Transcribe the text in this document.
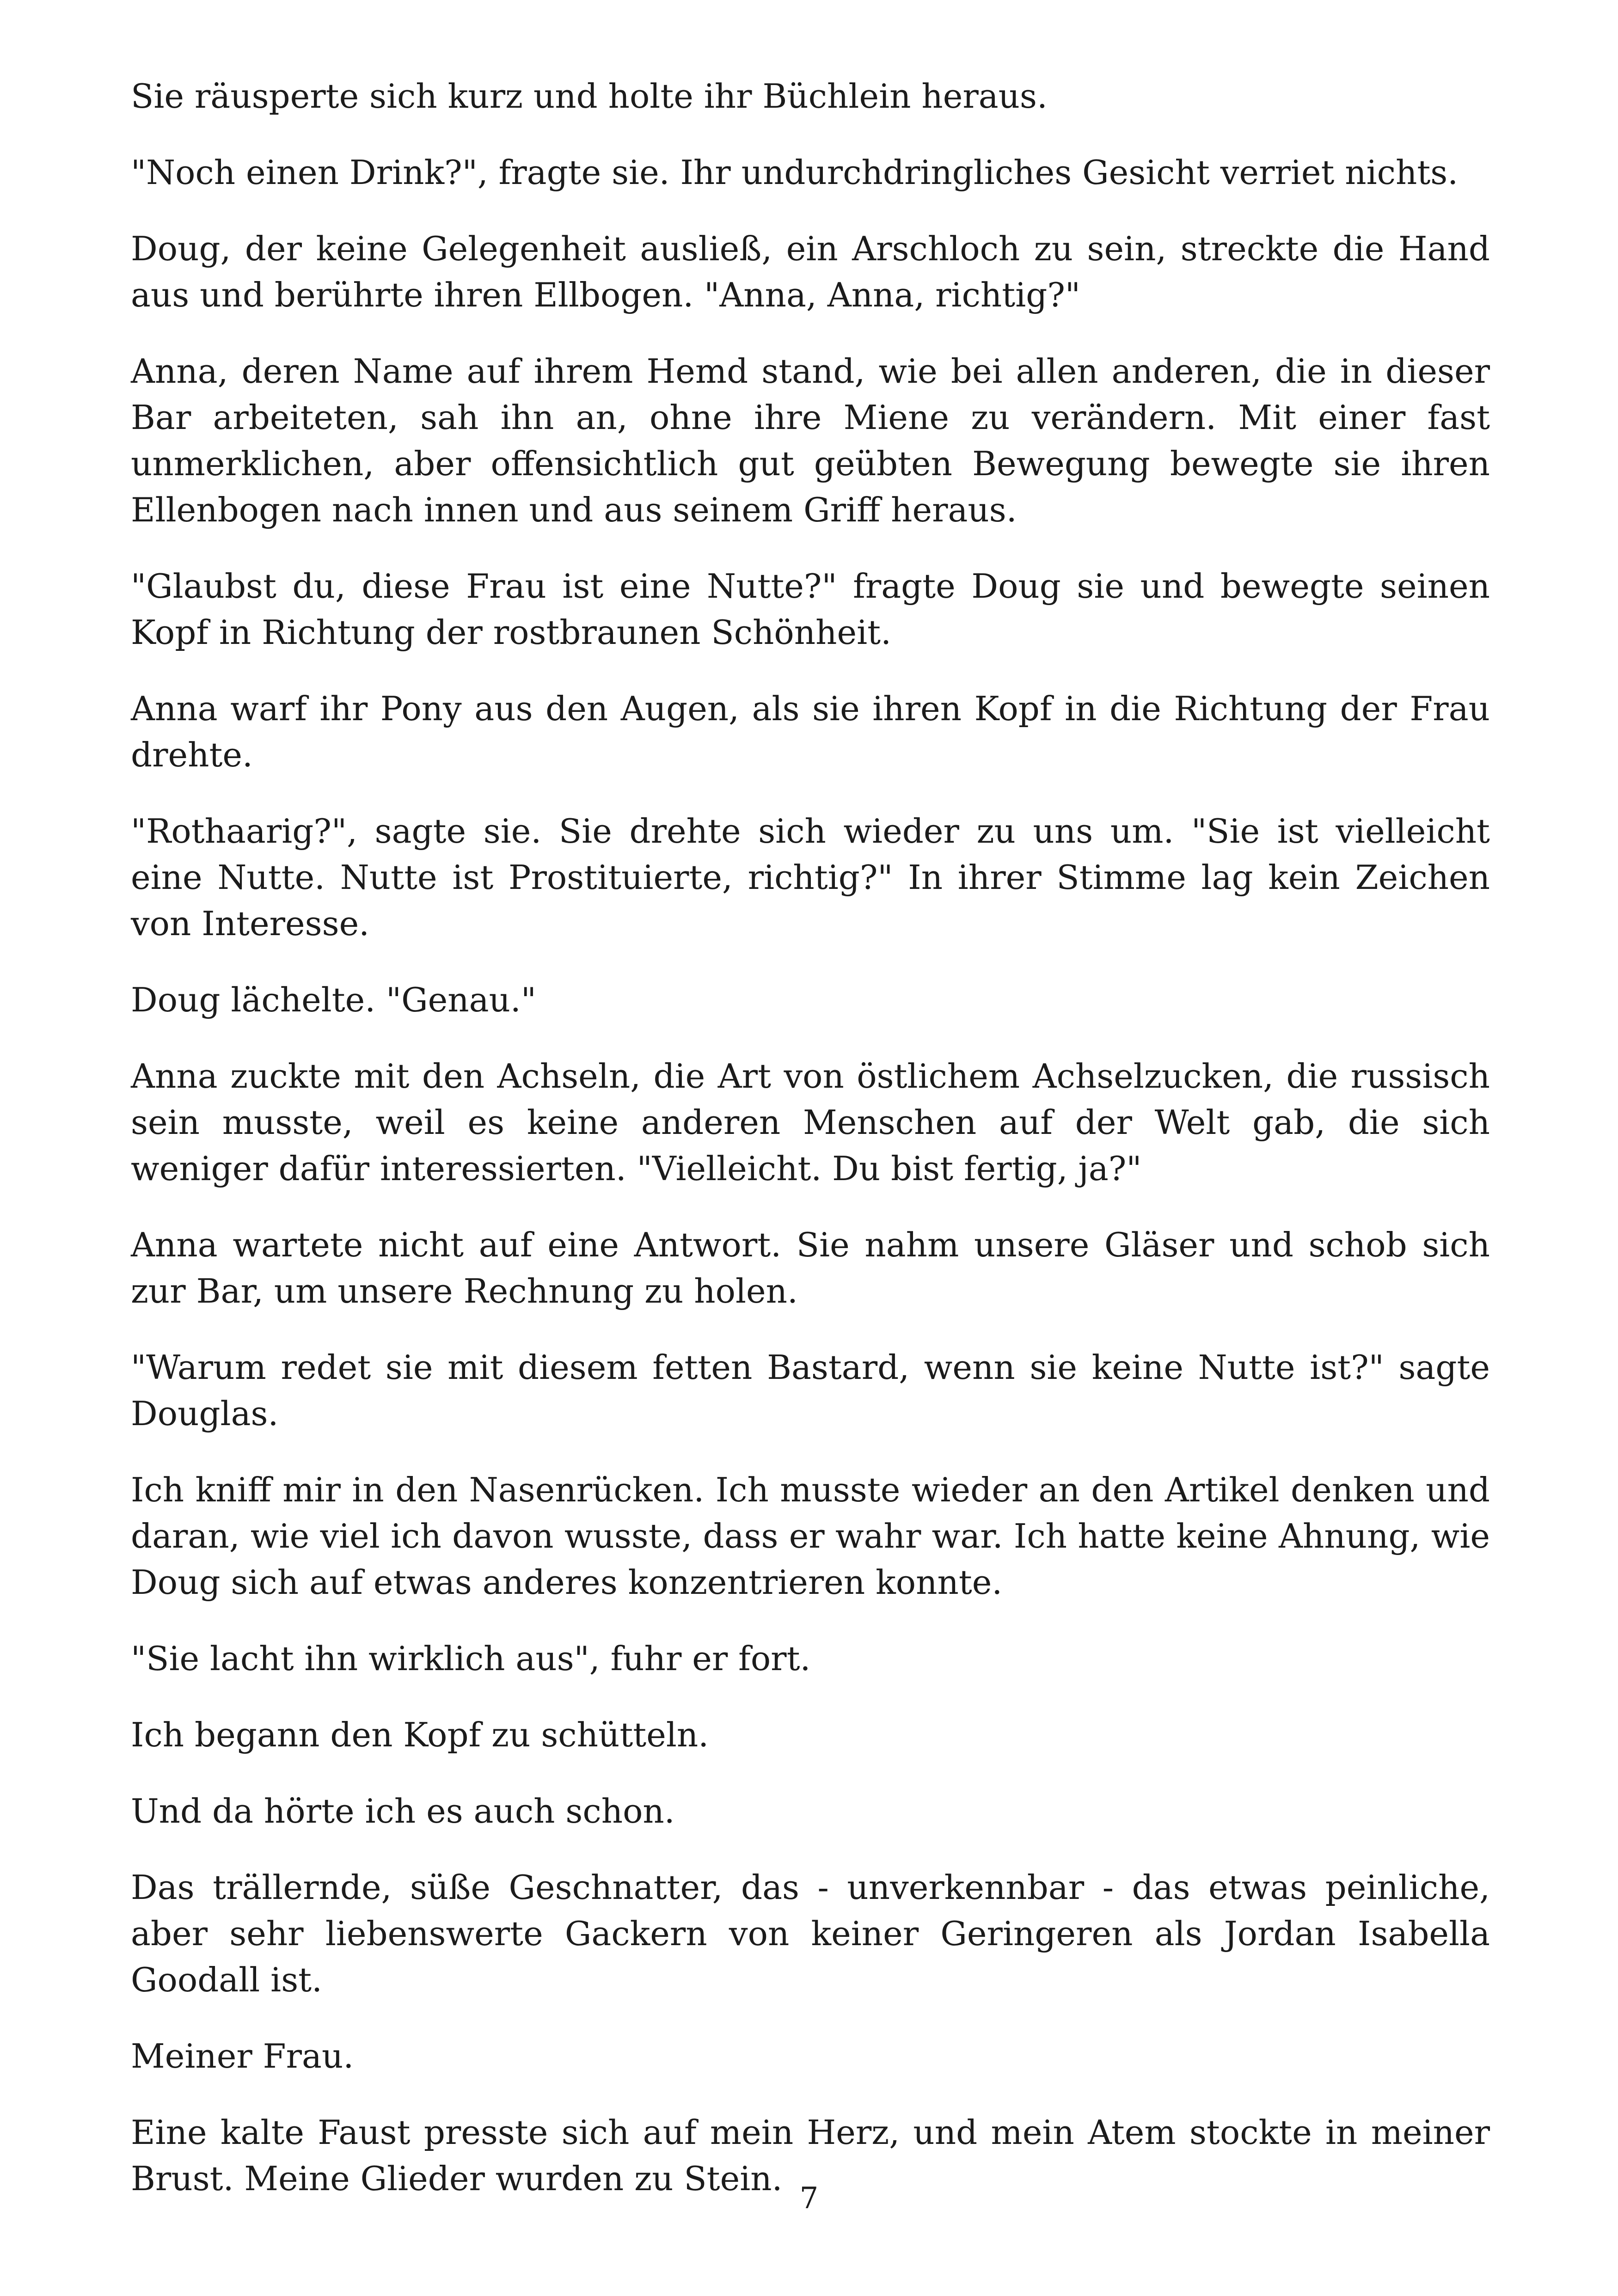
Sie räusperte sich kurz und holte ihr Büchlein heraus.

"Noch einen Drink?", fragte sie. Ihr undurchdringliches Gesicht verriet nichts.

Doug, der keine Gelegenheit ausließ, ein Arschloch zu sein, streckte die Hand aus und berührte ihren Ellbogen. "Anna, Anna, richtig?"

Anna, deren Name auf ihrem Hemd stand, wie bei allen anderen, die in dieser Bar arbeiteten, sah ihn an, ohne ihre Miene zu verändern. Mit einer fast unmerklichen, aber offensichtlich gut geübten Bewegung bewegte sie ihren Ellenbogen nach innen und aus seinem Griff heraus.

"Glaubst du, diese Frau ist eine Nutte?" fragte Doug sie und bewegte seinen Kopf in Richtung der rostbraunen Schönheit.

Anna warf ihr Pony aus den Augen, als sie ihren Kopf in die Richtung der Frau drehte.

"Rothaarig?", sagte sie. Sie drehte sich wieder zu uns um. "Sie ist vielleicht eine Nutte. Nutte ist Prostituierte, richtig?" In ihrer Stimme lag kein Zeichen von Interesse.

Doug lächelte. "Genau."

Anna zuckte mit den Achseln, die Art von östlichem Achselzucken, die russisch sein musste, weil es keine anderen Menschen auf der Welt gab, die sich weniger dafür interessierten. "Vielleicht. Du bist fertig, ja?"

Anna wartete nicht auf eine Antwort. Sie nahm unsere Gläser und schob sich zur Bar, um unsere Rechnung zu holen.

"Warum redet sie mit diesem fetten Bastard, wenn sie keine Nutte ist?" sagte Douglas.

Ich kniff mir in den Nasenrücken. Ich musste wieder an den Artikel denken und daran, wie viel ich davon wusste, dass er wahr war. Ich hatte keine Ahnung, wie Doug sich auf etwas anderes konzentrieren konnte.

"Sie lacht ihn wirklich aus", fuhr er fort.

Ich begann den Kopf zu schütteln.

Und da hörte ich es auch schon.

Das trällernde, süße Geschnatter, das - unverkennbar - das etwas peinliche, aber sehr liebenswerte Gackern von keiner Geringeren als Jordan Isabella Goodall ist.

Meiner Frau.

Eine kalte Faust presste sich auf mein Herz, und mein Atem stockte in meiner Brust. Meine Glieder wurden zu Stein.

7
